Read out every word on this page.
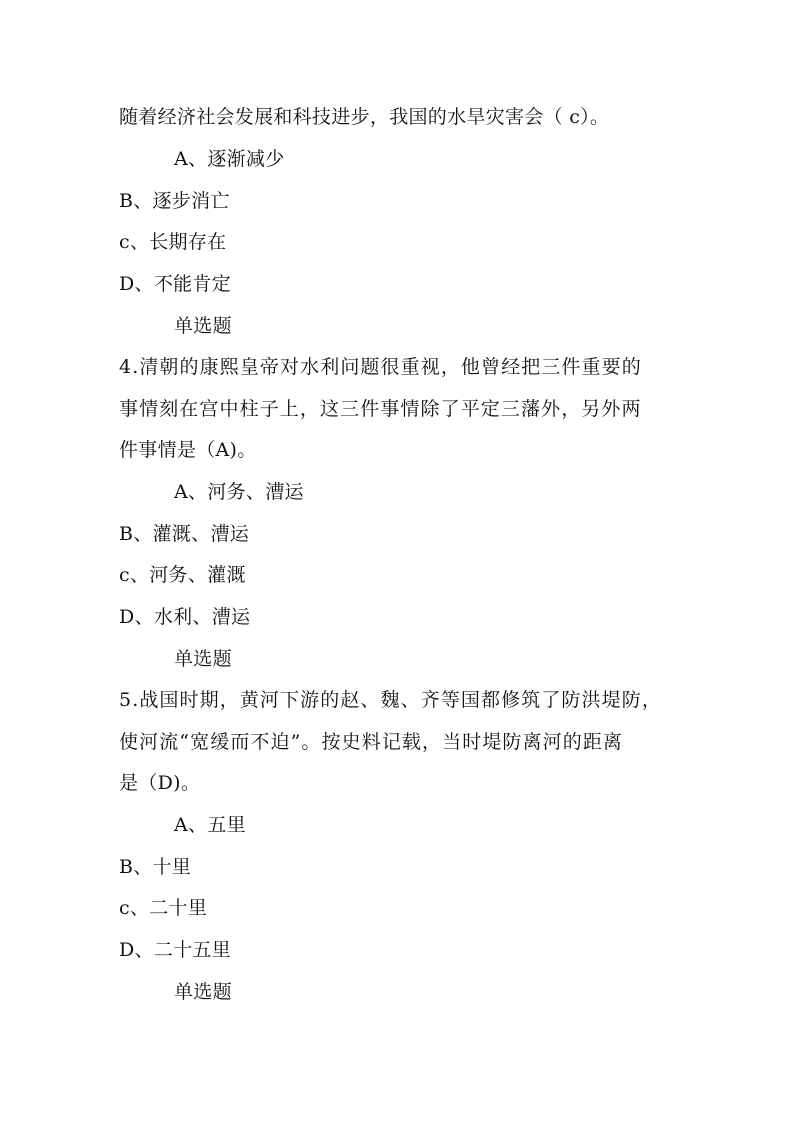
随着经济社会发展和科技进步，我国的水旱灾害会（ c）。
A、逐渐减少
B、逐步消亡
c、长期存在
D、不能肯定
单选题
4.清朝的康熙皇帝对水利问题很重视，他曾经把三件重要的
事情刻在宫中柱子上，这三件事情除了平定三藩外，另外两
件事情是（A)。
A、河务、漕运
B、灌溉、漕运
c、河务、灌溉
D、水利、漕运
单选题
5.战国时期，黄河下游的赵、魏、齐等国都修筑了防洪堤防，
使河流“宽缓而不迫”。按史料记载，当时堤防离河的距离
是（D)。
A、五里
B、十里
c、二十里
D、二十五里
单选题
